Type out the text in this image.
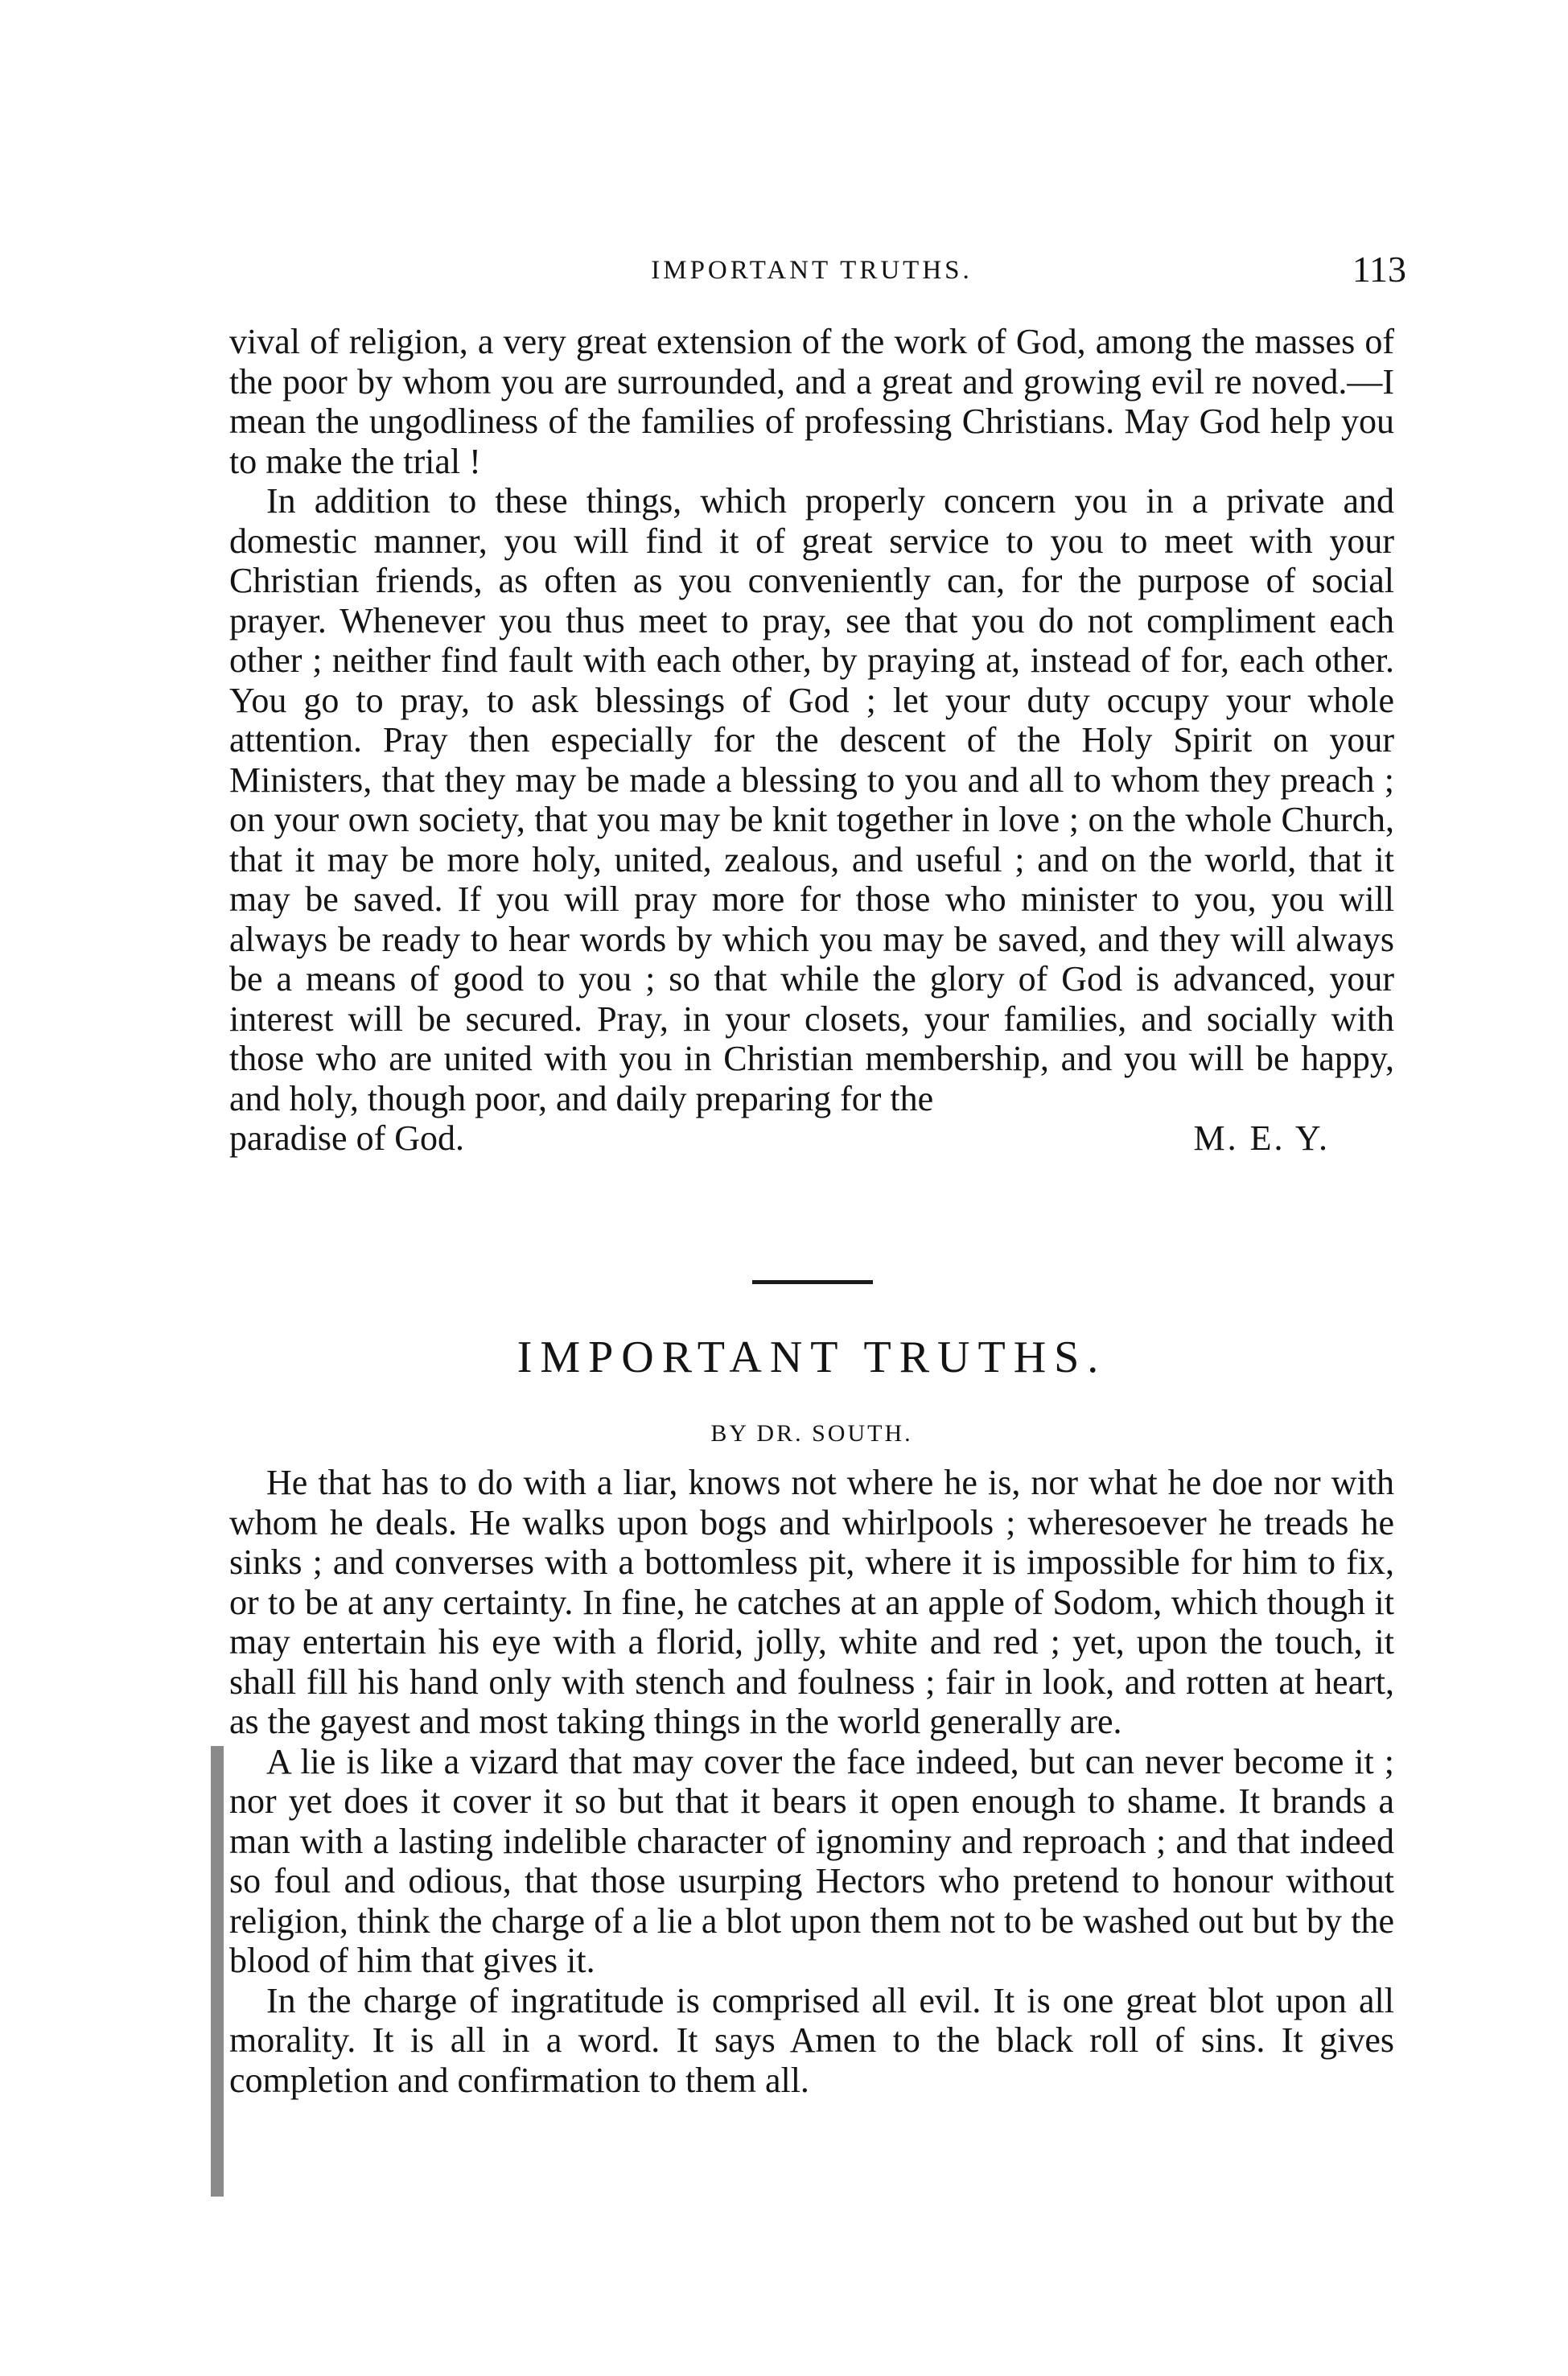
IMPORTANT TRUTHS.	113

vival of religion, a very great extension of the work of God, among the masses of the poor by whom you are surrounded, and a great and growing evil re noved.—I mean the ungodliness of the families of professing Christians. May God help you to make the trial !

In addition to these things, which properly concern you in a private and domestic manner, you will find it of great service to you to meet with your Christian friends, as often as you conveniently can, for the purpose of social prayer. Whenever you thus meet to pray, see that you do not compliment each other ; neither find fault with each other, by praying at, instead of for, each other. You go to pray, to ask blessings of God ; let your duty occupy your whole attention. Pray then especially for the descent of the Holy Spirit on your Ministers, that they may be made a blessing to you and all to whom they preach ; on your own society, that you may be knit together in love ; on the whole Church, that it may be more holy, united, zealous, and useful ; and on the world, that it may be saved. If you will pray more for those who minister to you, you will always be ready to hear words by which you may be saved, and they will always be a means of good to you ; so that while the glory of God is advanced, your interest will be secured. Pray, in your closets, your families, and socially with those who are united with you in Christian membership, and you will be happy, and holy, though poor, and daily preparing for the

paradise of God.	M. E. Y.
IMPORTANT TRUTHS.
BY DR. SOUTH.

He that has to do with a liar, knows not where he is, nor what he doe nor with whom he deals. He walks upon bogs and whirlpools ; wheresoever he treads he sinks ; and converses with a bottomless pit, where it is impossible for him to fix, or to be at any certainty. In fine, he catches at an apple of Sodom, which though it may entertain his eye with a florid, jolly, white and red ; yet, upon the touch, it shall fill his hand only with stench and foulness ; fair in look, and rotten at heart, as the gayest and most taking things in the world generally are.

A lie is like a vizard that may cover the face indeed, but can never become it ; nor yet does it cover it so but that it bears it open enough to shame. It brands a man with a lasting indelible character of ignominy and reproach ; and that indeed so foul and odious, that those usurping Hectors who pretend to honour without religion, think the charge of a lie a blot upon them not to be washed out but by the blood of him that gives it.

In the charge of ingratitude is comprised all evil. It is one great blot upon all morality. It is all in a word. It says Amen to the black roll of sins. It gives completion and confirmation to them all.
